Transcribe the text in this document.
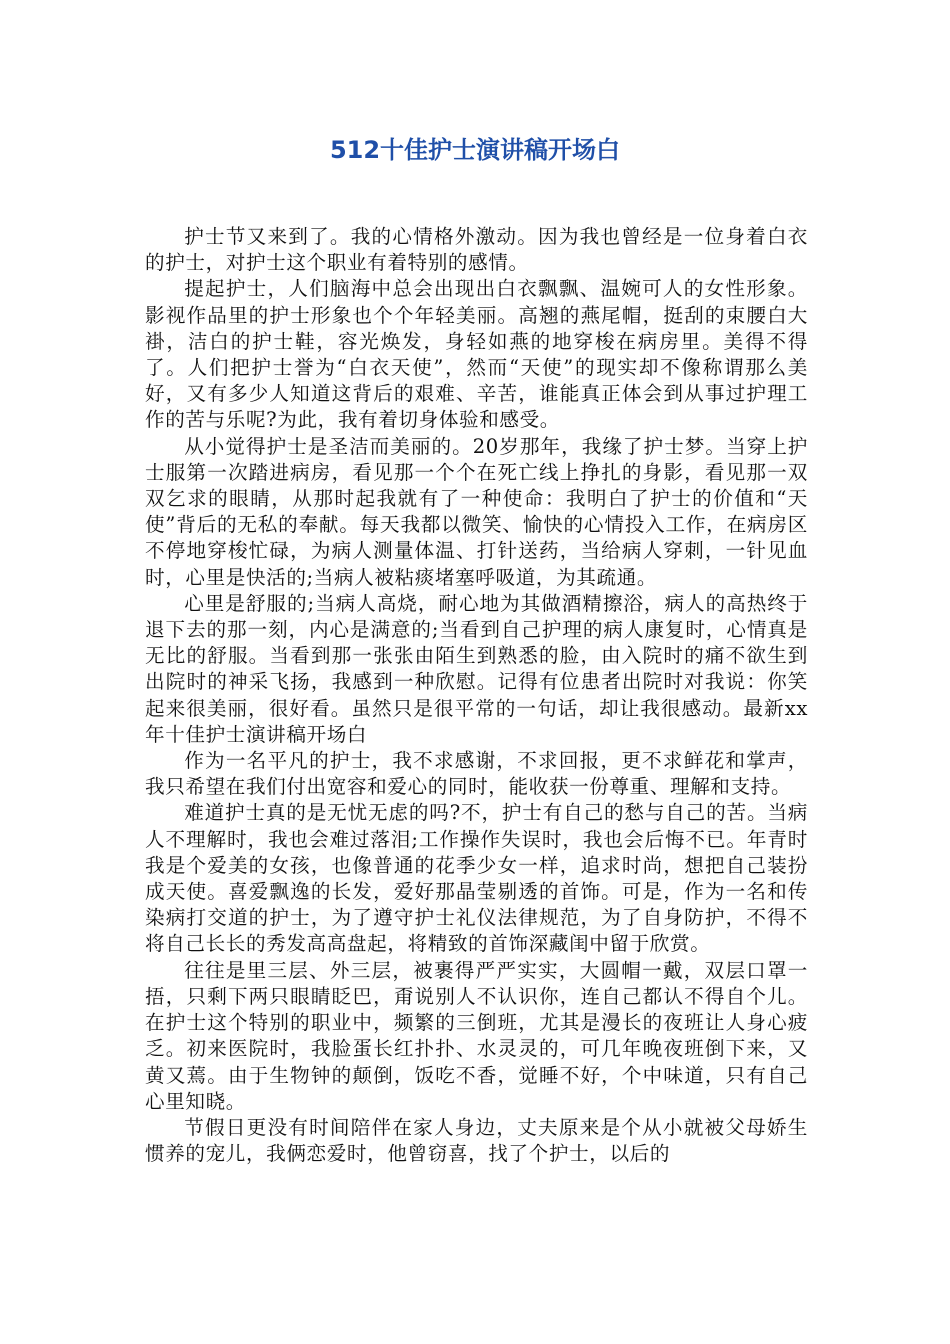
512十佳护士演讲稿开场白

护士节又来到了。我的心情格外激动。因为我也曾经是一位身着白衣的护士，对护士这个职业有着特别的感情。

提起护士，人们脑海中总会出现出白衣飘飘、温婉可人的女性形象。影视作品里的护士形象也个个年轻美丽。高翘的燕尾帽，挺刮的束腰白大褂，洁白的护士鞋，容光焕发，身轻如燕的地穿梭在病房里。美得不得了。人们把护士誉为“白衣天使”，然而“天使”的现实却不像称谓那么美好，又有多少人知道这背后的艰难、辛苦，谁能真正体会到从事过护理工作的苦与乐呢?为此，我有着切身体验和感受。

从小觉得护士是圣洁而美丽的。20岁那年，我缘了护士梦。当穿上护士服第一次踏进病房，看见那一个个在死亡线上挣扎的身影，看见那一双双乞求的眼睛，从那时起我就有了一种使命：我明白了护士的价值和“天使”背后的无私的奉献。每天我都以微笑、愉快的心情投入工作，在病房区不停地穿梭忙碌，为病人测量体温、打针送药，当给病人穿刺，一针见血时，心里是快活的;当病人被粘痰堵塞呼吸道，为其疏通。

心里是舒服的;当病人高烧，耐心地为其做酒精擦浴，病人的高热终于退下去的那一刻，内心是满意的;当看到自己护理的病人康复时，心情真是无比的舒服。当看到那一张张由陌生到熟悉的脸，由入院时的痛不欲生到出院时的神采飞扬，我感到一种欣慰。记得有位患者出院时对我说：你笑起来很美丽，很好看。虽然只是很平常的一句话，却让我很感动。最新xx年十佳护士演讲稿开场白

作为一名平凡的护士，我不求感谢，不求回报，更不求鲜花和掌声，我只希望在我们付出宽容和爱心的同时，能收获一份尊重、理解和支持。

难道护士真的是无忧无虑的吗?不，护士有自己的愁与自己的苦。当病人不理解时，我也会难过落泪;工作操作失误时，我也会后悔不已。年青时我是个爱美的女孩，也像普通的花季少女一样，追求时尚，想把自己装扮成天使。喜爱飘逸的长发，爱好那晶莹剔透的首饰。可是，作为一名和传染病打交道的护士，为了遵守护士礼仪法律规范，为了自身防护，不得不将自己长长的秀发高高盘起，将精致的首饰深藏闺中留于欣赏。

往往是里三层、外三层，被裹得严严实实，大圆帽一戴，双层口罩一捂，只剩下两只眼睛眨巴，甭说别人不认识你，连自己都认不得自个儿。在护士这个特别的职业中，频繁的三倒班，尤其是漫长的夜班让人身心疲乏。初来医院时，我脸蛋长红扑扑、水灵灵的，可几年晚夜班倒下来，又黄又蔫。由于生物钟的颠倒，饭吃不香，觉睡不好，个中味道，只有自己心里知晓。

节假日更没有时间陪伴在家人身边，丈夫原来是个从小就被父母娇生惯养的宠儿，我俩恋爱时，他曾窃喜，找了个护士，以后的
